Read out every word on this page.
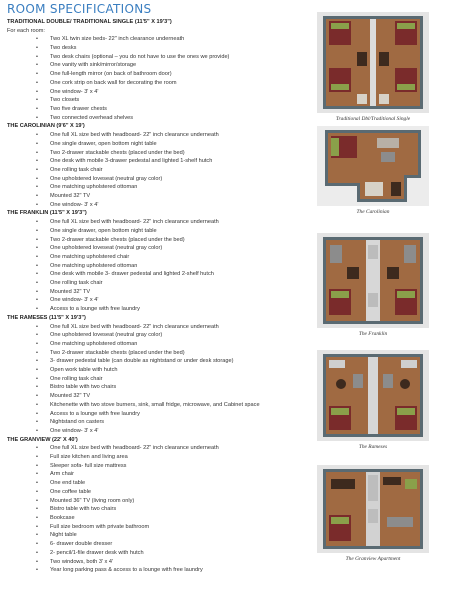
ROOM SPECIFICATIONS
TRADITIONAL DOUBLE/ TRADITIONAL SINGLE (11'5" X 19'3")
For each room:
• Two XL twin size beds- 22" inch clearance underneath
• Two desks
• Two desk chairs (optional – you do not have to use the ones we provide)
• One vanity with sink/mirror/storage
• One full-length mirror (on back of bathroom door)
• One cork strip on back wall for decorating the room
• One window- 3' x 4'
• Two closets
• Two five drawer chests
• Two connected overhead shelves
THE CAROLINIAN (9'6" X 19')
• One full XL size bed with headboard- 22" inch clearance underneath
• One single drawer, open bottom night table
• Two 2-drawer stackable chests (placed under the bed)
• One desk with mobile 3-drawer pedestal and lighted 1-shelf hutch
• One rolling task chair
• One upholstered loveseat (neutral gray color)
• One matching upholstered ottoman
• Mounted 32" TV
• One window- 3' x 4'
THE FRANKLIN (11'5" X 19'3")
• One full XL size bed with headboard- 22" inch clearance underneath
• One single drawer, open bottom night table
• Two 2-drawer stackable chests (placed under the bed)
• One upholstered loveseat (neutral gray color)
• One matching upholstered chair
• One matching upholstered ottoman
• One desk with mobile 3- drawer pedestal and lighted 2-shelf hutch
• One rolling task chair
• Mounted 32" TV
• One window- 3' x 4'
• Access to a lounge with free laundry
THE RAMESES (11'5" X 19'3")
• One full XL size bed with headboard- 22" inch clearance underneath
• One upholstered loveseat (neutral gray color)
• One matching upholstered ottoman
• Two 2-drawer stackable chests (placed under the bed)
• 3- drawer pedestal table (can double as nightstand or under desk storage)
• Open work table with hutch
• One rolling task chair
• Bistro table with two chairs
• Mounted 32" TV
• Kitchenette with two stove burners, sink, small fridge, microwave, and Cabinet space
• Access to a lounge with free laundry
• Nightstand on casters
• One window- 3' x 4'
THE GRANVIEW (22' X 40')
• One full XL size bed with headboard- 22" inch clearance underneath
• Full size kitchen and living area
• Sleeper sofa- full size mattress
• Arm chair
• One end table
• One coffee table
• Mounted 36" TV (living room only)
• Bistro table with two chairs
• Bookcase
• Full size bedroom with private bathroom
• Night table
• 6- drawer double dresser
• 2- pencil/1-file drawer desk with hutch
• Two windows, both 3' x 4'
• Year long parking pass & access to a lounge with free laundry
Traditional Dbl/Traditional Single
The Carolinian
The Franklin
The Rameses
The Granview Apartment
